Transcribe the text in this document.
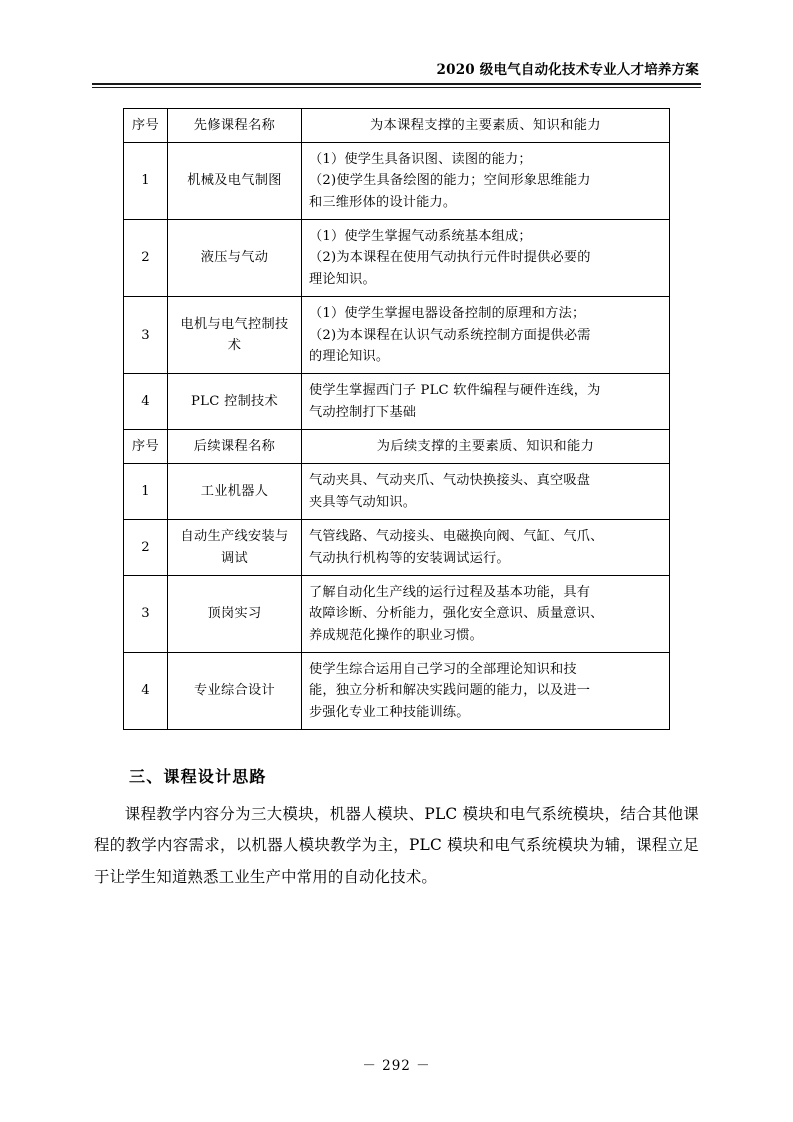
2020 级电气自动化技术专业人才培养方案
序号	先修课程名称	为本课程支撑的主要素质、知识和能力
1	机械及电气制图	（1）使学生具备识图、读图的能力；

（2)使学生具备绘图的能力；空间形象思维能力

和三维形体的设计能力。

2	液压与气动	（1）使学生掌握气动系统基本组成；

（2)为本课程在使用气动执行元件时提供必要的

理论知识。

3	电机与电气控制技术	（1）使学生掌握电器设备控制的原理和方法；

（2)为本课程在认识气动系统控制方面提供必需

的理论知识。

4	PLC 控制技术	使学生掌握西门子 PLC 软件编程与硬件连线，为

气动控制打下基础

序号	后续课程名称	为后续支撑的主要素质、知识和能力
1	工业机器人	气动夹具、气动夹爪、气动快换接头、真空吸盘

夹具等气动知识。

2	自动生产线安装与调试	气管线路、气动接头、电磁换向阀、气缸、气爪、

气动执行机构等的安装调试运行。

3	顶岗实习	了解自动化生产线的运行过程及基本功能，具有

故障诊断、分析能力，强化安全意识、质量意识、

养成规范化操作的职业习惯。

4	专业综合设计	使学生综合运用自己学习的全部理论知识和技

能，独立分析和解决实践问题的能力，以及进一

步强化专业工种技能训练。

三、课程设计思路
课程教学内容分为三大模块，机器人模块、PLC 模块和电气系统模块，结合其他课程的教学内容需求，以机器人模块教学为主，PLC 模块和电气系统模块为辅，课程立足于让学生知道熟悉工业生产中常用的自动化技术。
－ 292 －
